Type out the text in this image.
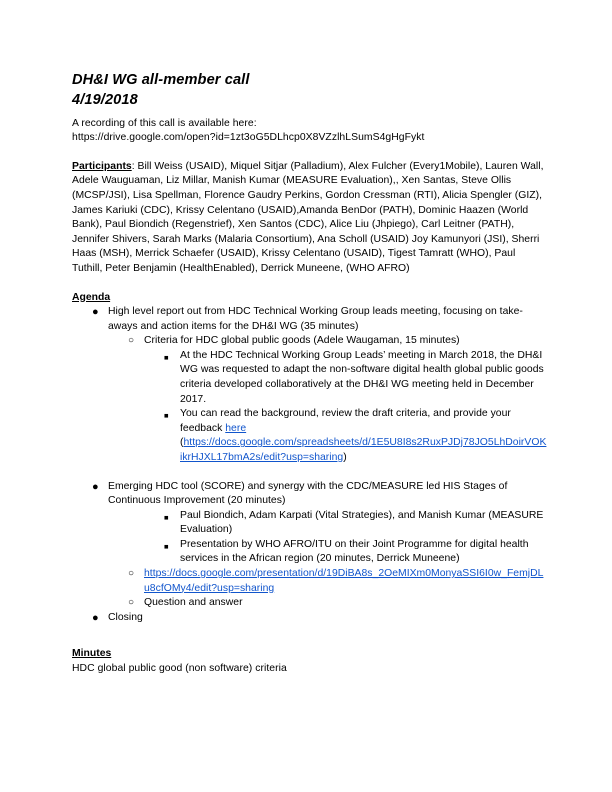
DH&I WG all-member call
4/19/2018
A recording of this call is available here:
https://drive.google.com/open?id=1zt3oG5DLhcp0X8VZzlhLSumS4gHgFykt
Participants: Bill Weiss (USAID), Miquel Sitjar (Palladium), Alex Fulcher (Every1Mobile), Lauren Wall, Adele Wauguaman, Liz Millar, Manish Kumar (MEASURE Evaluation),, Xen Santas, Steve Ollis (MCSP/JSI), Lisa Spellman, Florence Gaudry Perkins, Gordon Cressman (RTI), Alicia Spengler (GIZ), James Kariuki (CDC), Krissy Celentano (USAID),Amanda BenDor (PATH), Dominic Haazen (World Bank), Paul Biondich (Regenstrief), Xen Santos (CDC), Alice Liu (Jhpiego), Carl Leitner (PATH), Jennifer Shivers, Sarah Marks (Malaria Consortium), Ana Scholl (USAID) Joy Kamunyori (JSI), Sherri Haas (MSH), Merrick Schaefer (USAID), Krissy Celentano (USAID), Tigest Tamratt (WHO), Paul Tuthill, Peter Benjamin (HealthEnabled), Derrick Muneene, (WHO AFRO)
Agenda
● High level report out from HDC Technical Working Group leads meeting, focusing on take-aways and action items for the DH&I WG (35 minutes)
○ Criteria for HDC global public goods (Adele Waugaman, 15 minutes)
■	At the HDC Technical Working Group Leads’ meeting in March 2018, the DH&I WG was requested to adapt the non-software digital health global public goods criteria developed collaboratively at the DH&I WG meeting held in December 2017.
■	You can read the background, review the draft criteria, and provide your feedback here
(https://docs.google.com/spreadsheets/d/1E5U8I8s2RuxPJDj78JO5LhDoirVOKikrHJXL17bmA2s/edit?usp=sharing)
● Emerging HDC tool (SCORE) and synergy with the CDC/MEASURE led HIS Stages of Continuous Improvement (20 minutes)
■	Paul Biondich, Adam Karpati (Vital Strategies), and Manish Kumar (MEASURE Evaluation)
■	Presentation by WHO AFRO/ITU on their Joint Programme for digital health services in the African region (20 minutes, Derrick Muneene)
○ https://docs.google.com/presentation/d/19DiBA8s_2OeMIXm0MonyaSSI6I0w_FemjDLu8cfOMy4/edit?usp=sharing
○ Question and answer
● Closing
Minutes
HDC global public good (non software) criteria
